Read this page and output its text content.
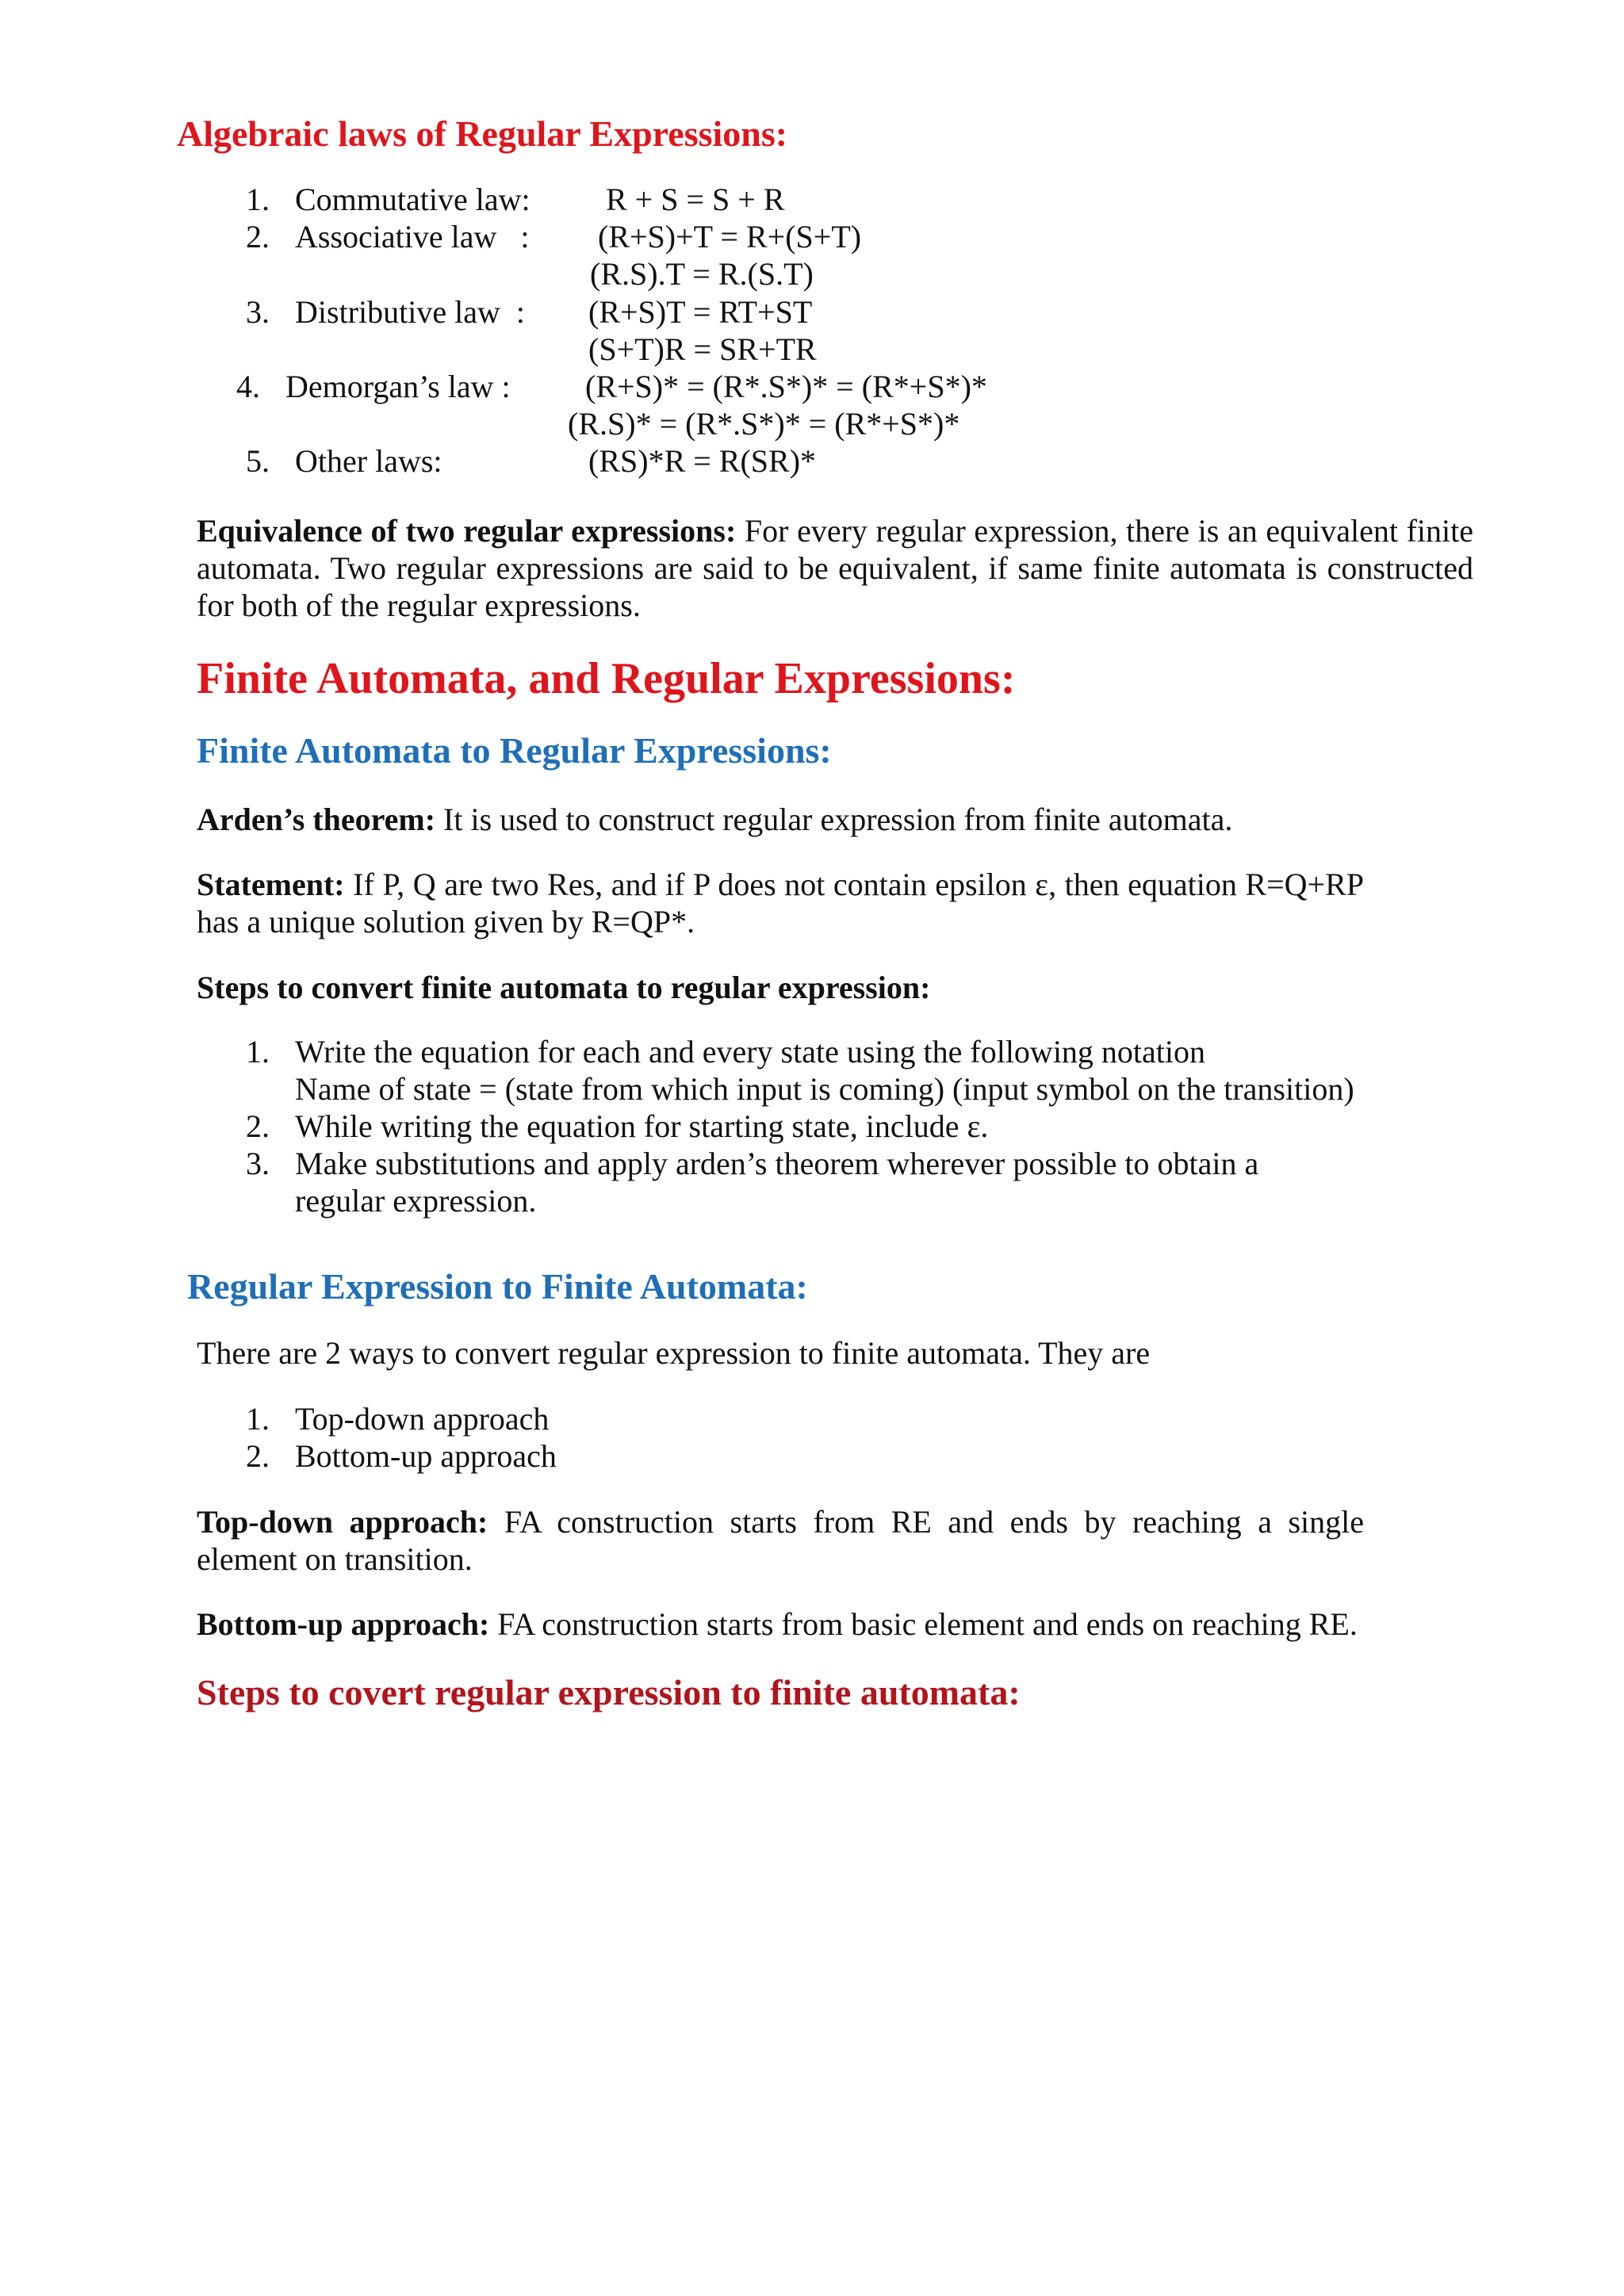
Algebraic laws of Regular Expressions:
1. Commutative law: R + S = S + R
2. Associative law   : (R+S)+T = R+(S+T)
(R.S).T = R.(S.T)
3. Distributive law  : (R+S)T = RT+ST
(S+T)R = SR+TR
4. Demorgan’s law : (R+S)* = (R*.S*)* = (R*+S*)*
(R.S)* = (R*.S*)* = (R*+S*)*
5. Other laws:	(RS)*R = R(SR)*
Equivalence of two regular expressions: For every regular expression, there is an equivalent finite automata. Two regular expressions are said to be equivalent, if same finite automata is constructed for both of the regular expressions.
Finite Automata, and Regular Expressions:
Finite Automata to Regular Expressions:
Arden’s theorem: It is used to construct regular expression from finite automata.
Statement: If P, Q are two Res, and if P does not contain epsilon ε, then equation R=Q+RP has a unique solution given by R=QP*.
Steps to convert finite automata to regular expression:
1. Write the equation for each and every state using the following notation
Name of state = (state from which input is coming) (input symbol on the transition)
2. While writing the equation for starting state, include ε.
3. Make substitutions and apply arden’s theorem wherever possible to obtain a
regular expression.
Regular Expression to Finite Automata:
There are 2 ways to convert regular expression to finite automata. They are
1. Top-down approach
2. Bottom-up approach
Top-down approach: FA construction starts from RE and ends by reaching a single element on transition.
Bottom-up approach: FA construction starts from basic element and ends on reaching RE.
Steps to covert regular expression to finite automata:
